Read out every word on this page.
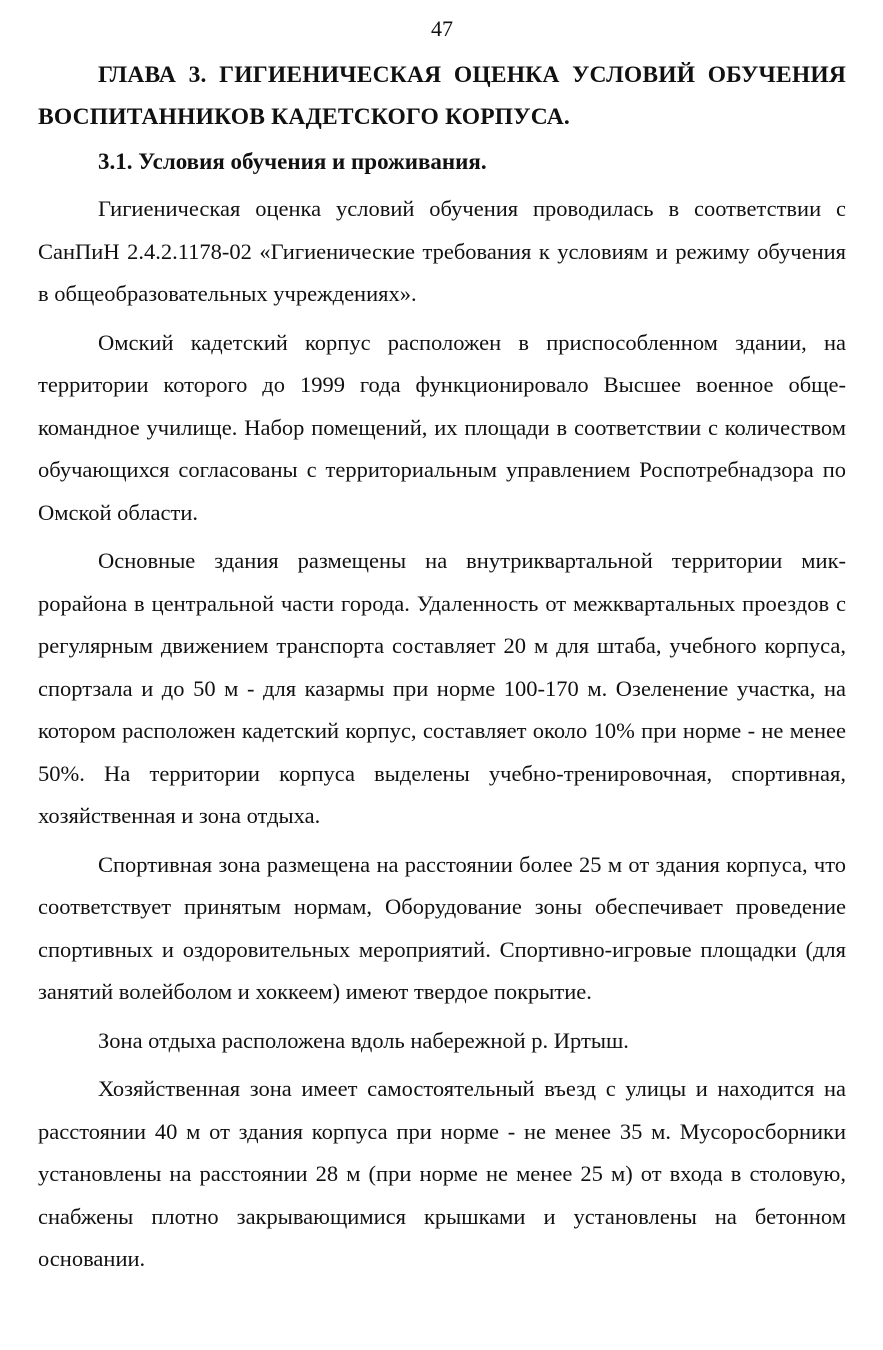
47
ГЛАВА 3. ГИГИЕНИЧЕСКАЯ ОЦЕНКА УСЛОВИЙ ОБУЧЕНИЯ ВОСПИТАННИКОВ КАДЕТСКОГО КОРПУСА.
3.1. Условия обучения и проживания.

Гигиеническая оценка условий обучения проводилась в соответствии с СанПиН 2.4.2.1178-02 «Гигиенические требования к условиям и режиму обучения в общеобразовательных учреждениях».

Омский кадетский корпус расположен в приспособленном здании, на территории которого до 1999 года функционировало Высшее военное общекомандное училище. Набор помещений, их площади в соответствии с количеством обучающихся согласованы с территориальным управлением Роспотребнадзора по Омской области.

Основные здания размещены на внутриквартальной территории микрорайона в центральной части города. Удаленность от межквартальных проездов с регулярным движением транспорта составляет 20 м для штаба, учебного корпуса, спортзала и до 50 м - для казармы при норме 100-170 м. Озеленение участка, на котором расположен кадетский корпус, составляет около 10% при норме - не менее 50%. На территории корпуса выделены учебно-тренировочная, спортивная, хозяйственная и зона отдыха.

Спортивная зона размещена на расстоянии более 25 м от здания корпуса, что соответствует принятым нормам, Оборудование зоны обеспечивает проведение спортивных и оздоровительных мероприятий. Спортивно-игровые площадки (для занятий волейболом и хоккеем) имеют твердое покрытие.

Зона отдыха расположена вдоль набережной р. Иртыш.

Хозяйственная зона имеет самостоятельный въезд с улицы и находится на расстоянии 40 м от здания корпуса при норме - не менее 35 м. Мусоросборники установлены на расстоянии 28 м (при норме не менее 25 м) от входа в столовую, снабжены плотно закрывающимися крышками и установлены на бетонном основании.
